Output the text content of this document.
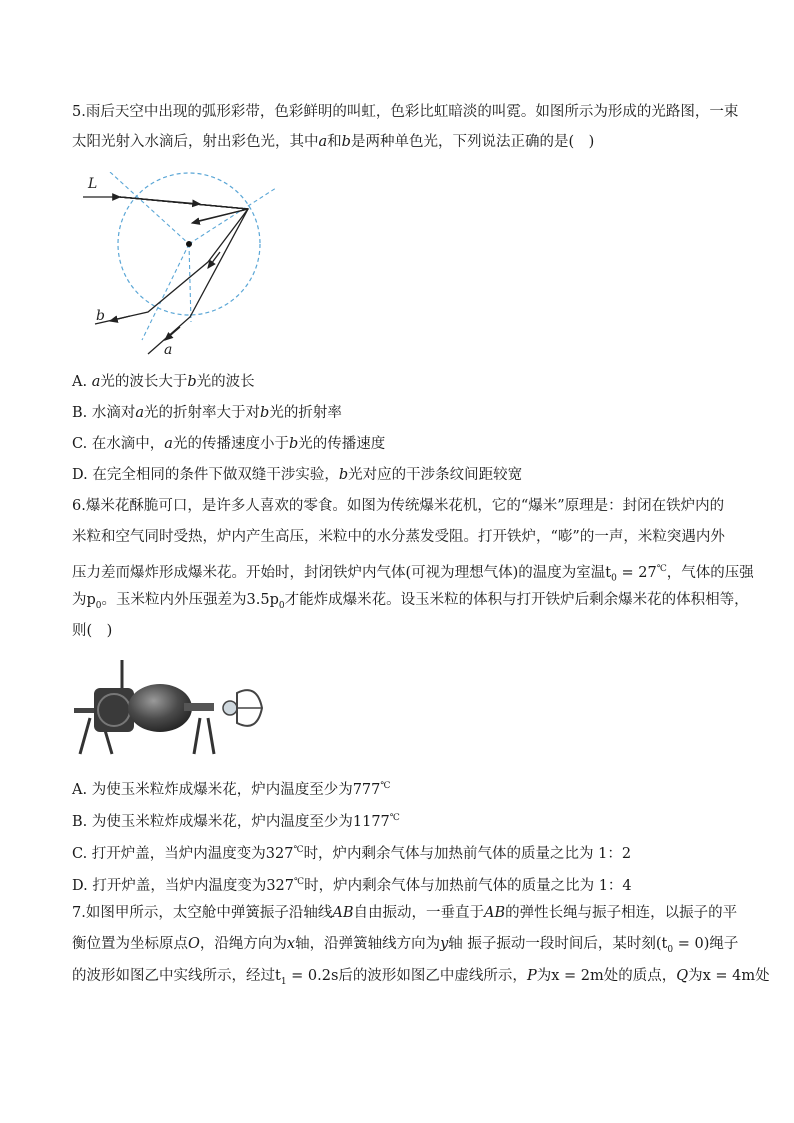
5.雨后天空中出现的弧形彩带，色彩鲜明的叫虹，色彩比虹暗淡的叫霓。如图所示为形成的光路图，一束
太阳光射入水滴后，射出彩色光，其中a和b是两种单色光，下列说法正确的是(　)
L
b
a
A. a光的波长大于b光的波长
B. 水滴对a光的折射率大于对b光的折射率
C. 在水滴中，a光的传播速度小于b光的传播速度
D. 在完全相同的条件下做双缝干涉实验，b光对应的干涉条纹间距较宽
6.爆米花酥脆可口，是许多人喜欢的零食。如图为传统爆米花机，它的“爆米”原理是：封闭在铁炉内的
米粒和空气同时受热，炉内产生高压，米粒中的水分蒸发受阻。打开铁炉，“嘭”的一声，米粒突遇内外
压力差而爆炸形成爆米花。开始时，封闭铁炉内气体(可视为理想气体)的温度为室温$t_0 = 27^℃$，气体的压强
为$p_0$。玉米粒内外压强差为$3.5p_0$才能炸成爆米花。设玉米粒的体积与打开铁炉后剩余爆米花的体积相等，
则(　)
A. 为使玉米粒炸成爆米花，炉内温度至少为777℃
B. 为使玉米粒炸成爆米花，炉内温度至少为1177℃
C. 打开炉盖，当炉内温度变为327℃时，炉内剩余气体与加热前气体的质量之比为 1：2
D. 打开炉盖，当炉内温度变为327℃时，炉内剩余气体与加热前气体的质量之比为 1：4
7.如图甲所示，太空舱中弹簧振子沿轴线AB自由振动，一垂直于AB的弹性长绳与振子相连，以振子的平
衡位置为坐标原点O，沿绳方向为x轴，沿弹簧轴线方向为y轴 振子振动一段时间后，某时刻$(t_0 = 0)$绳子
的波形如图乙中实线所示，经过$t_1 = 0.2s$后的波形如图乙中虚线所示，P为x = 2m处的质点，Q为x = 4m处
